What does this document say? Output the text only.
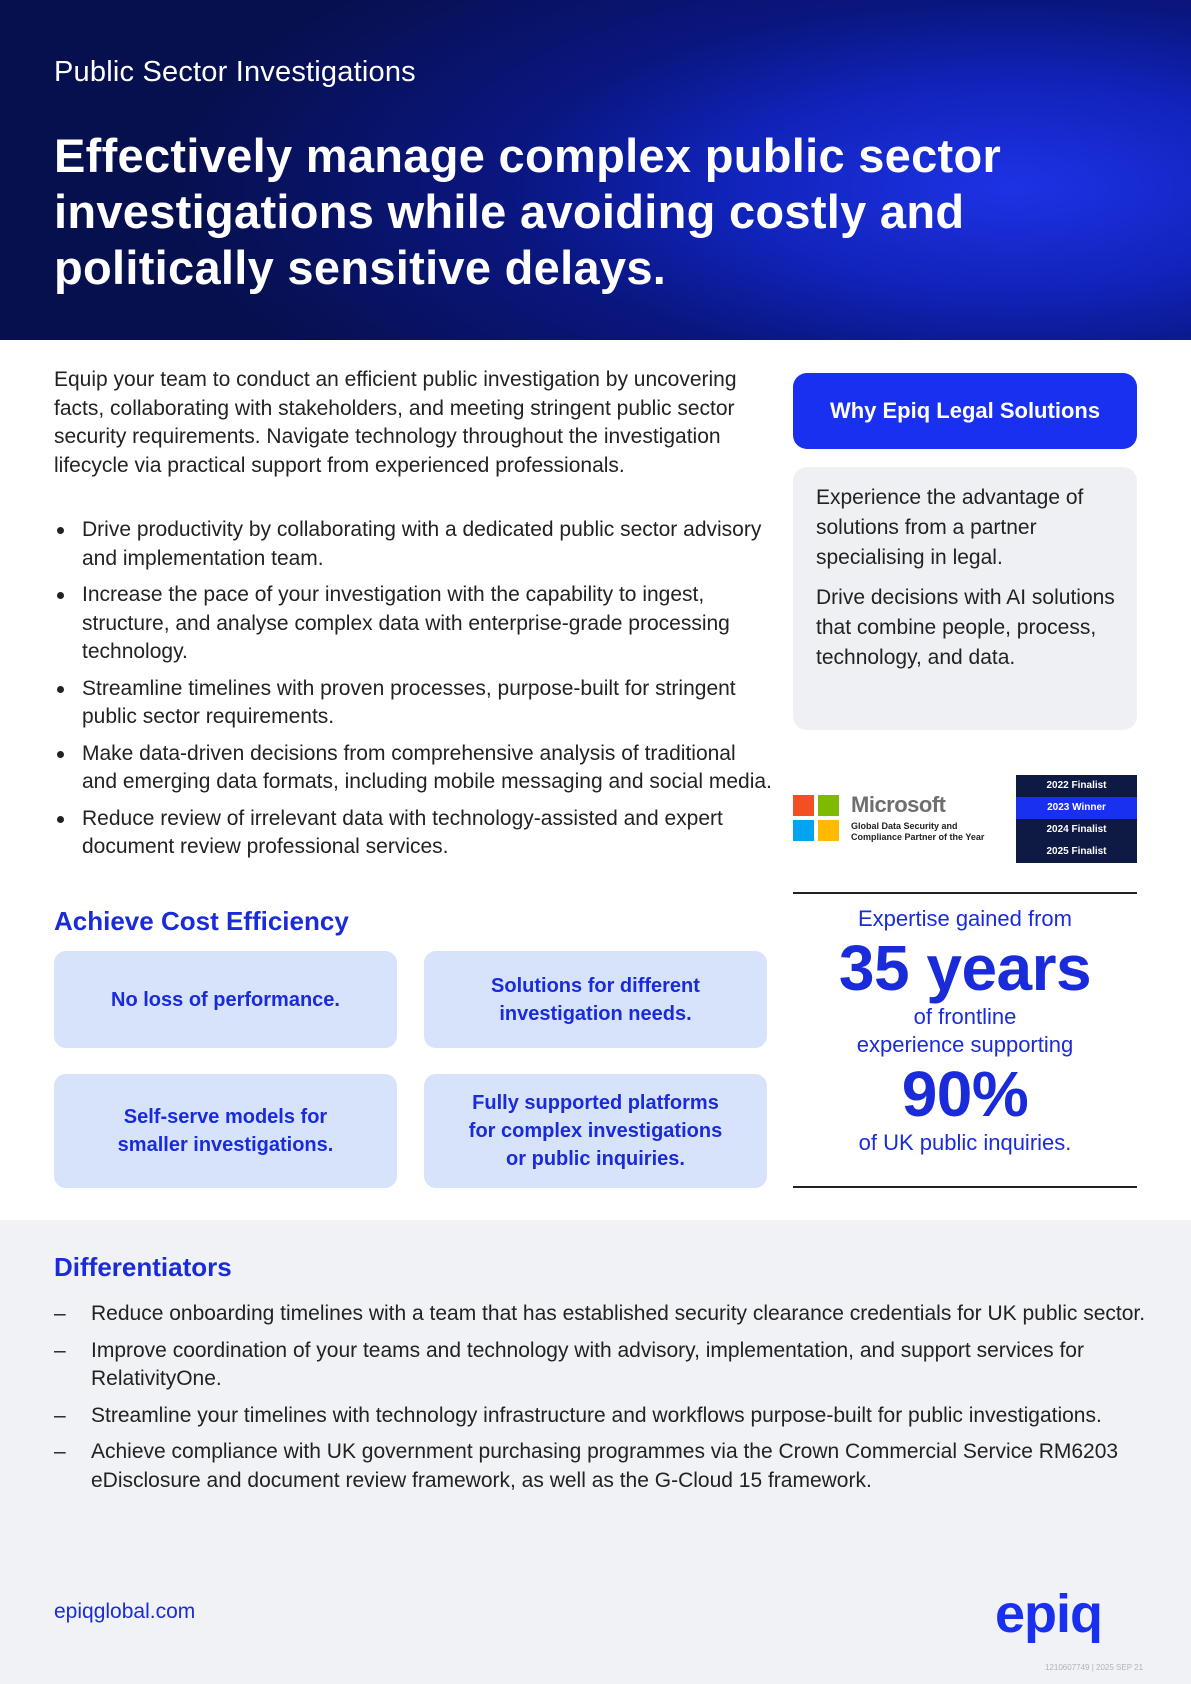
Public Sector Investigations
Effectively manage complex public sector investigations while avoiding costly and politically sensitive delays.
Equip your team to conduct an efficient public investigation by uncovering facts, collaborating with stakeholders, and meeting stringent public sector security requirements. Navigate technology throughout the investigation lifecycle via practical support from experienced professionals.
Drive productivity by collaborating with a dedicated public sector advisory and implementation team.
Increase the pace of your investigation with the capability to ingest, structure, and analyse complex data with enterprise-grade processing technology.
Streamline timelines with proven processes, purpose-built for stringent public sector requirements.
Make data-driven decisions from comprehensive analysis of traditional and emerging data formats, including mobile messaging and social media.
Reduce review of irrelevant data with technology-assisted and expert document review professional services.
Achieve Cost Efficiency
No loss of performance.
Solutions for different investigation needs.
Self-serve models for smaller investigations.
Fully supported platforms for complex investigations or public inquiries.
Why Epiq Legal Solutions

Experience the advantage of solutions from a partner specialising in legal.

Drive decisions with AI solutions that combine people, process, technology, and data.

Microsoft
Global Data Security and Compliance Partner of the Year
2022 Finalist
2023 Winner
2024 Finalist
2025 Finalist
Expertise gained from
35 years
of frontline
experience supporting
90%
of UK public inquiries.
Differentiators
– Reduce onboarding timelines with a team that has established security clearance credentials for UK public sector.
– Improve coordination of your teams and technology with advisory, implementation, and support services for RelativityOne.
– Streamline your timelines with technology infrastructure and workflows purpose-built for public investigations.
– Achieve compliance with UK government purchasing programmes via the Crown Commercial Service RM6203 eDisclosure and document review framework, as well as the G-Cloud 15 framework.
epiqglobal.com	epiq
1210607749 | 2025 SEP 21
